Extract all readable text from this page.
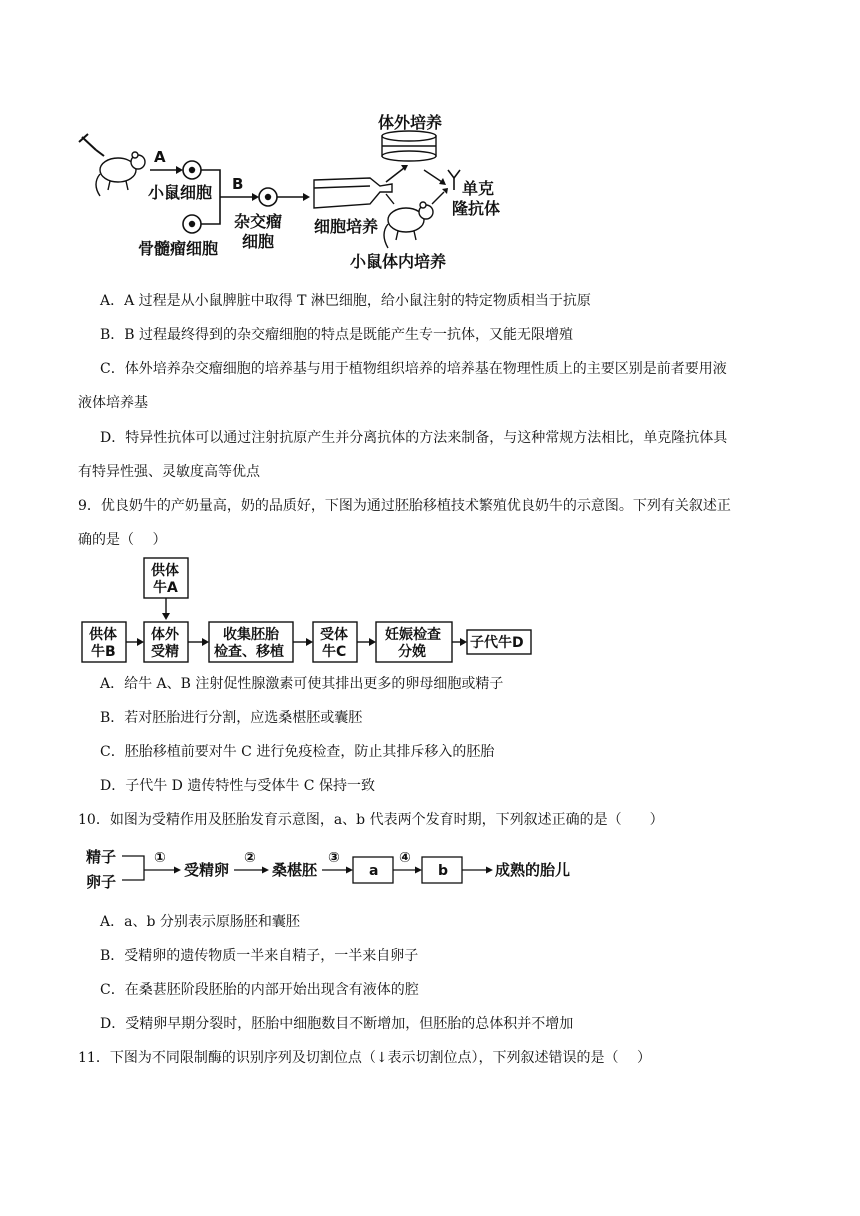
A
小鼠细胞
骨髓瘤细胞
B
杂交瘤
细胞
细胞培养
体外培养
小鼠体内培养
单克
隆抗体
A．A 过程是从小鼠脾脏中取得 T 淋巴细胞，给小鼠注射的特定物质相当于抗原
B．B 过程最终得到的杂交瘤细胞的特点是既能产生专一抗体，又能无限增殖
C．体外培养杂交瘤细胞的培养基与用于植物组织培养的培养基在物理性质上的主要区别是前者要用液
液体培养基
D．特异性抗体可以通过注射抗原产生并分离抗体的方法来制备，与这种常规方法相比，单克隆抗体具
有特异性强、灵敏度高等优点
9．优良奶牛的产奶量高，奶的品质好，下图为通过胚胎移植技术繁殖优良奶牛的示意图。下列有关叙述正
确的是（　 ）
供体
牛A
供体
牛B
体外
受精
收集胚胎
检查、移植
受体
牛C
妊娠检查
分娩
子代牛D
A．给牛 A、B 注射促性腺激素可使其排出更多的卵母细胞或精子
B．若对胚胎进行分割，应选桑椹胚或囊胚
C．胚胎移植前要对牛 C 进行免疫检查，防止其排斥移入的胚胎
D．子代牛 D 遗传特性与受体牛 C 保持一致
10．如图为受精作用及胚胎发育示意图，a、b 代表两个发育时期，下列叙述正确的是（　　）
精子
卵子
①
受精卵
②
桑椹胚
③
a
④
b	成熟的胎儿
A．a、b 分别表示原肠胚和囊胚
B．受精卵的遗传物质一半来自精子，一半来自卵子
C．在桑葚胚阶段胚胎的内部开始出现含有液体的腔
D．受精卵早期分裂时，胚胎中细胞数目不断增加，但胚胎的总体积并不增加
11．下图为不同限制酶的识别序列及切割位点（↓表示切割位点），下列叙述错误的是（　 ）
